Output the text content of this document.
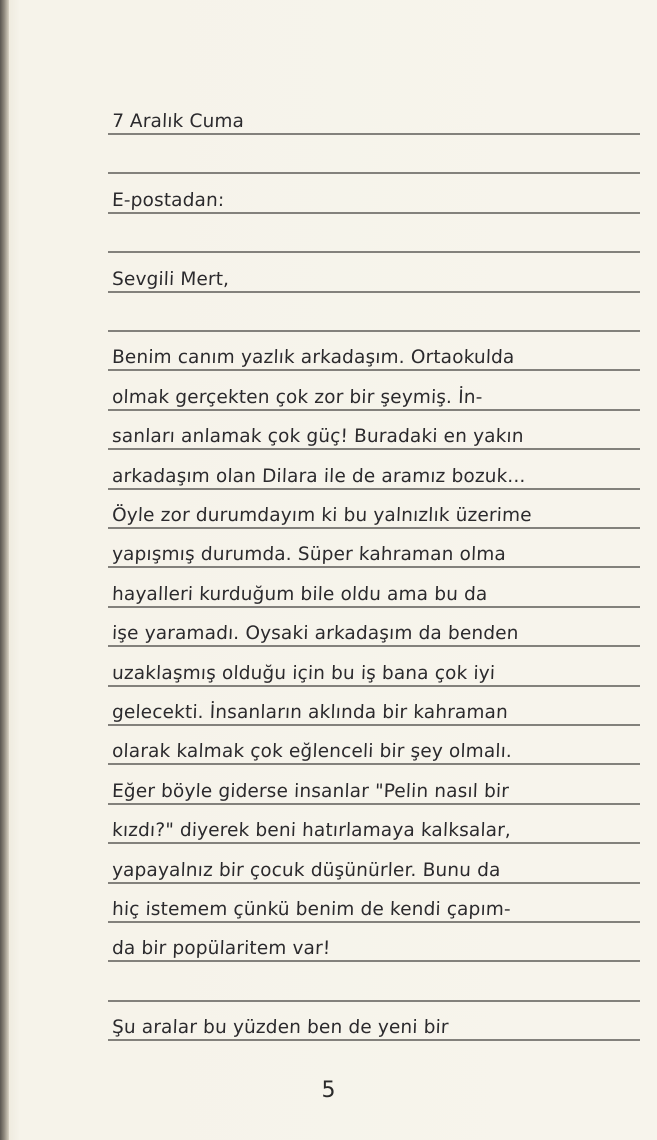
7 Aralık Cuma
E-postadan:
Sevgili Mert,
Benim canım yazlık arkadaşım. Ortaokulda
olmak gerçekten çok zor bir şeymiş. İn-
sanları anlamak çok güç! Buradaki en yakın
arkadaşım olan Dilara ile de aramız bozuk...
Öyle zor durumdayım ki bu yalnızlık üzerime
yapışmış durumda. Süper kahraman olma
hayalleri kurduğum bile oldu ama bu da
işe yaramadı. Oysaki arkadaşım da benden
uzaklaşmış olduğu için bu iş bana çok iyi
gelecekti. İnsanların aklında bir kahraman
olarak kalmak çok eğlenceli bir şey olmalı.
Eğer böyle giderse insanlar "Pelin nasıl bir
kızdı?" diyerek beni hatırlamaya kalksalar,
yapayalnız bir çocuk düşünürler. Bunu da
hiç istemem çünkü benim de kendi çapım-
da bir popülaritem var!
Şu aralar bu yüzden ben de yeni bir
5
